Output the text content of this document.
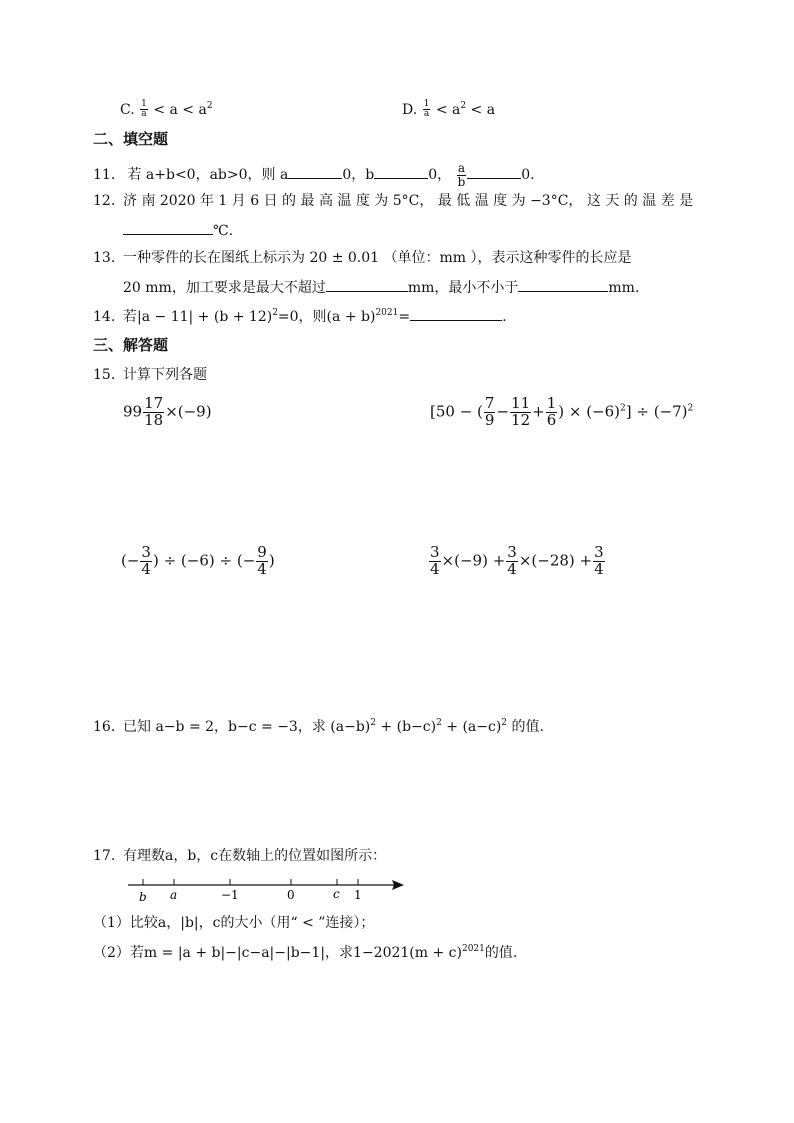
C. $\frac{1}{a} < a < a^2$	D. $\frac{1}{a} < a^2 < a$
二、填空题
11. 若 a+b<0，ab>0，则 a	0，b	0， $\frac{a}{b}$	0.
12. 济 南 2020 年 1 月 6 日 的 最 高 温 度 为 5°C， 最 低 温 度 为 −3°C， 这 天 的 温 差 是
℃.
13. 一种零件的长在图纸上标示为 20 ± 0.01 （单位：mm ），表示这种零件的长应是
20 mm，加工要求是最大不超过	mm，最小不小于	mm.
14. 若$|a - 11| + (b + 12)^2=0$，则$(a + b)^{2021}=$	.
三、解答题
15. 计算下列各题
$99 \frac{17}{18} \times(-9)$	[50 − ( $\frac{7}{9} - \frac{11}{12} + \frac{1}{6}$ ) × $(-6)^2] \div (-7)^2$
(− $\frac{3}{4}$ ) ÷ (−6) ÷ (− $\frac{9}{4}$ )	$\frac{3}{4} \times(-9) + \frac{3}{4} \times(-28) + \frac{3}{4}$
16. 已知 a−b = 2，b−c = −3，求 $(a-b)^2 + (b-c)^2 + (a-c)^2$ 的值.
17. 有理数a，b，c在数轴上的位置如图所示：
b a	−1	0	c 1
（1）比较a，|b|，c的大小（用“ < ”连接）；
（2）若m = |a + b|−|c−a|−|b−1|，求$1-2021(m + c)^{2021}$的值.
